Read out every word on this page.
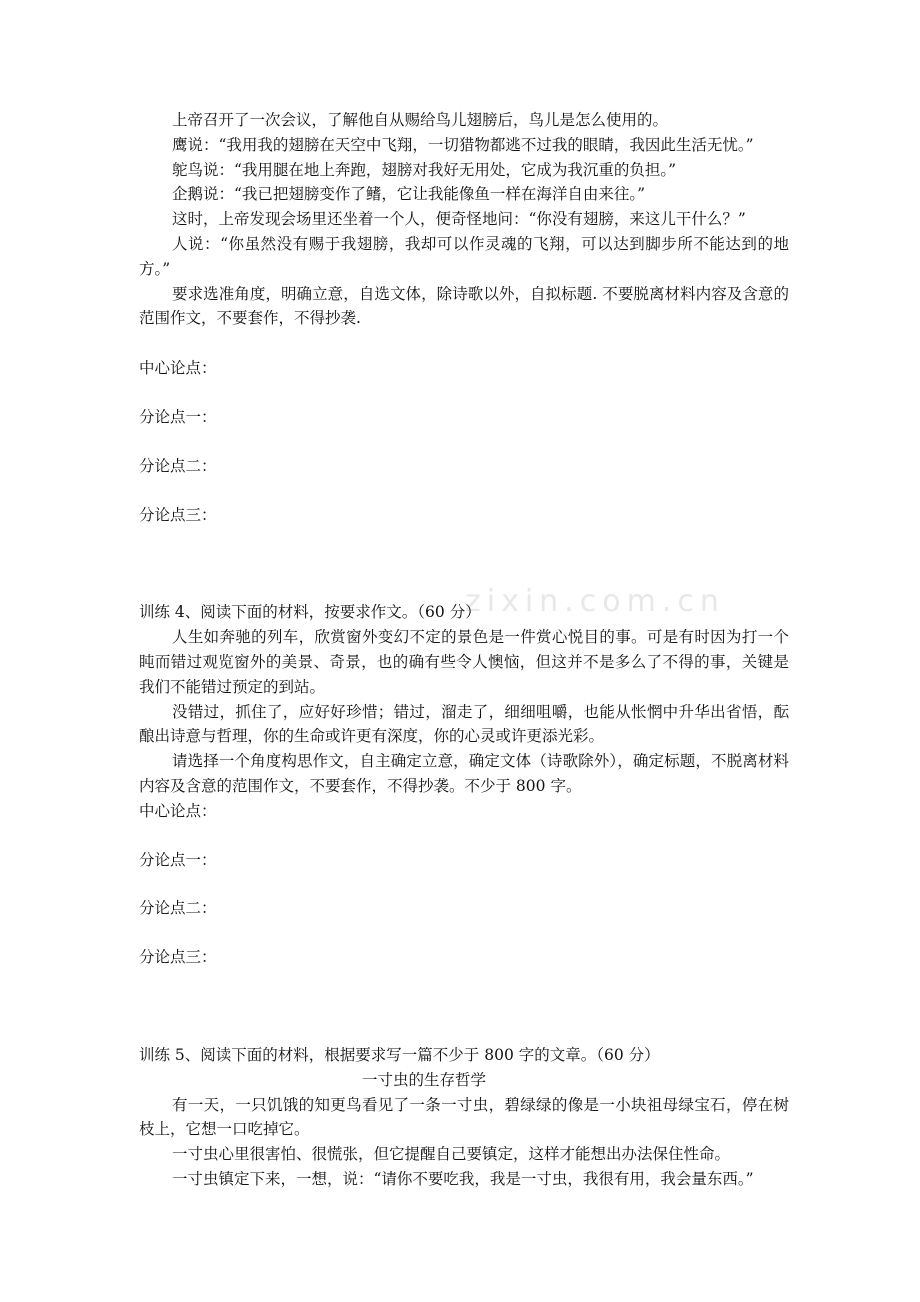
zixin.com.cn

上帝召开了一次会议，了解他自从赐给鸟儿翅膀后，鸟儿是怎么使用的。

鹰说：“我用我的翅膀在天空中飞翔，一切猎物都逃不过我的眼睛，我因此生活无忧。”

鸵鸟说：“我用腿在地上奔跑，翅膀对我好无用处，它成为我沉重的负担。”

企鹅说：“我已把翅膀变作了鳍，它让我能像鱼一样在海洋自由来往。”

这时，上帝发现会场里还坐着一个人，便奇怪地问：“你没有翅膀，来这儿干什么？”

人说：“你虽然没有赐于我翅膀，我却可以作灵魂的飞翔，可以达到脚步所不能达到的地方。”

要求选准角度，明确立意，自选文体，除诗歌以外，自拟标题. 不要脱离材料内容及含意的范围作文，不要套作，不得抄袭.

中心论点：

分论点一：

分论点二：

分论点三：

训练 4、阅读下面的材料，按要求作文。（60 分）

人生如奔驰的列车，欣赏窗外变幻不定的景色是一件赏心悦目的事。可是有时因为打一个盹而错过观览窗外的美景、奇景，也的确有些令人懊恼，但这并不是多么了不得的事，关键是我们不能错过预定的到站。

没错过，抓住了，应好好珍惜；错过，溜走了，细细咀嚼，也能从怅惘中升华出省悟，酝酿出诗意与哲理，你的生命或许更有深度，你的心灵或许更添光彩。

请选择一个角度构思作文，自主确定立意，确定文体（诗歌除外），确定标题，不脱离材料内容及含意的范围作文，不要套作，不得抄袭。不少于 800 字。

中心论点：

分论点一：

分论点二：

分论点三：

训练 5、阅读下面的材料，根据要求写一篇不少于 800 字的文章。（60 分）

一寸虫的生存哲学

有一天，一只饥饿的知更鸟看见了一条一寸虫，碧绿绿的像是一小块祖母绿宝石，停在树枝上，它想一口吃掉它。

一寸虫心里很害怕、很慌张，但它提醒自己要镇定，这样才能想出办法保住性命。

一寸虫镇定下来，一想，说：“请你不要吃我，我是一寸虫，我很有用，我会量东西。”
